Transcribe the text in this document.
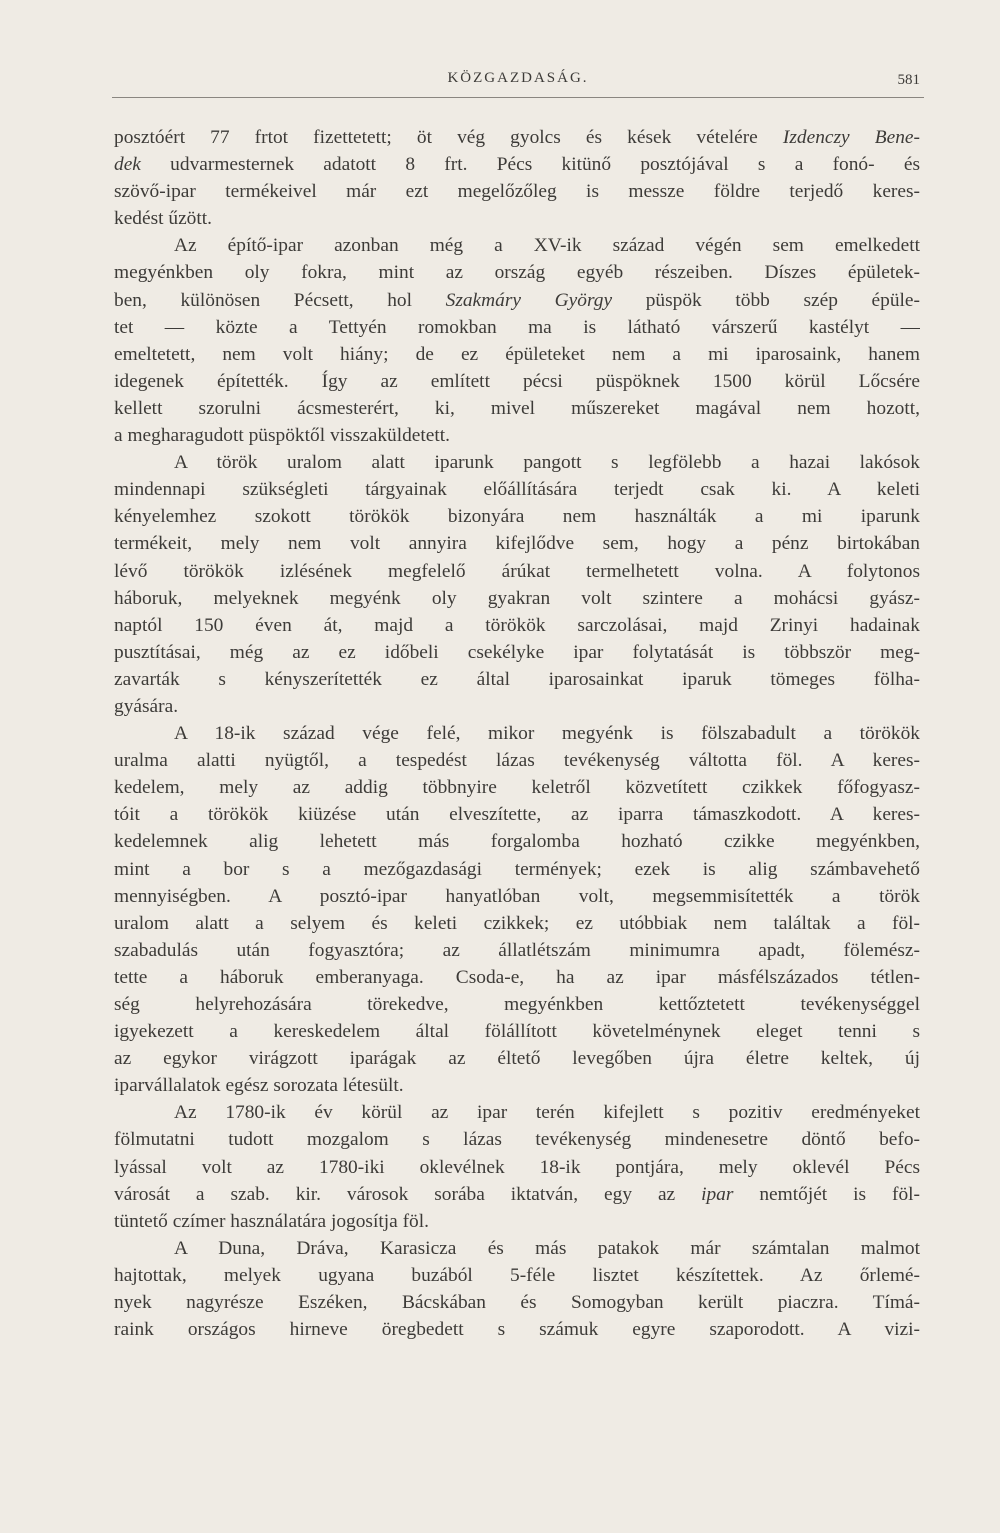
KÖZGAZDASÁG.	581
posztóért 77 frtot fizettetett; öt vég gyolcs és kések vételére Izdenczy Bene-
dek udvarmesternek adatott 8 frt. Pécs kitünő posztójával s a fonó- és
szövő-ipar termékeivel már ezt megelőzőleg is messze földre terjedő keres-
kedést űzött.
Az építő-ipar azonban még a XV-ik század végén sem emelkedett
megyénkben oly fokra, mint az ország egyéb részeiben. Díszes épületek-
ben, különösen Pécsett, hol Szakmáry György püspök több szép épüle-
tet — közte a Tettyén romokban ma is látható várszerű kastélyt —
emeltetett, nem volt hiány; de ez épületeket nem a mi iparosaink, hanem
idegenek építették. Így az említett pécsi püspöknek 1500 körül Lőcsére
kellett szorulni ácsmesterért, ki, mivel műszereket magával nem hozott,
a megharagudott püspöktől visszaküldetett.
A török uralom alatt iparunk pangott s legfölebb a hazai lakósok
mindennapi szükségleti tárgyainak előállítására terjedt csak ki. A keleti
kényelemhez szokott törökök bizonyára nem használták a mi iparunk
termékeit, mely nem volt annyira kifejlődve sem, hogy a pénz birtokában
lévő törökök izlésének megfelelő árúkat termelhetett volna. A folytonos
háboruk, melyeknek megyénk oly gyakran volt szintere a mohácsi gyász-
naptól 150 éven át, majd a törökök sarczolásai, majd Zrinyi hadainak
pusztításai, még az ez időbeli csekélyke ipar folytatását is többször meg-
zavarták s kényszerítették ez által iparosainkat iparuk tömeges fölha-
gyására.
A 18-ik század vége felé, mikor megyénk is fölszabadult a törökök
uralma alatti nyügtől, a tespedést lázas tevékenység váltotta föl. A keres-
kedelem, mely az addig többnyire keletről közvetített czikkek főfogyasz-
tóit a törökök kiüzése után elveszítette, az iparra támaszkodott. A keres-
kedelemnek alig lehetett más forgalomba hozható czikke megyénkben,
mint a bor s a mezőgazdasági termények; ezek is alig számbavehető
mennyiségben. A posztó-ipar hanyatlóban volt, megsemmisítették a török
uralom alatt a selyem és keleti czikkek; ez utóbbiak nem találtak a föl-
szabadulás után fogyasztóra; az állatlétszám minimumra apadt, fölemész-
tette a háboruk emberanyaga. Csoda-e, ha az ipar másfélszázados tétlen-
ség helyrehozására törekedve, megyénkben kettőztetett tevékenységgel
igyekezett a kereskedelem által fölállított követelménynek eleget tenni s
az egykor virágzott iparágak az éltető levegőben újra életre keltek, új
iparvállalatok egész sorozata létesült.
Az 1780-ik év körül az ipar terén kifejlett s pozitiv eredményeket
fölmutatni tudott mozgalom s lázas tevékenység mindenesetre döntő befo-
lyással volt az 1780-iki oklevélnek 18-ik pontjára, mely oklevél Pécs
városát a szab. kir. városok sorába iktatván, egy az ipar nemtőjét is föl-
tüntető czímer használatára jogosítja föl.
A Duna, Dráva, Karasicza és más patakok már számtalan malmot
hajtottak, melyek ugyana buzából 5-féle lisztet készítettek. Az őrlemé-
nyek nagyrésze Eszéken, Bácskában és Somogyban került piaczra. Tímá-
raink országos hirneve öregbedett s számuk egyre szaporodott. A vizi-
